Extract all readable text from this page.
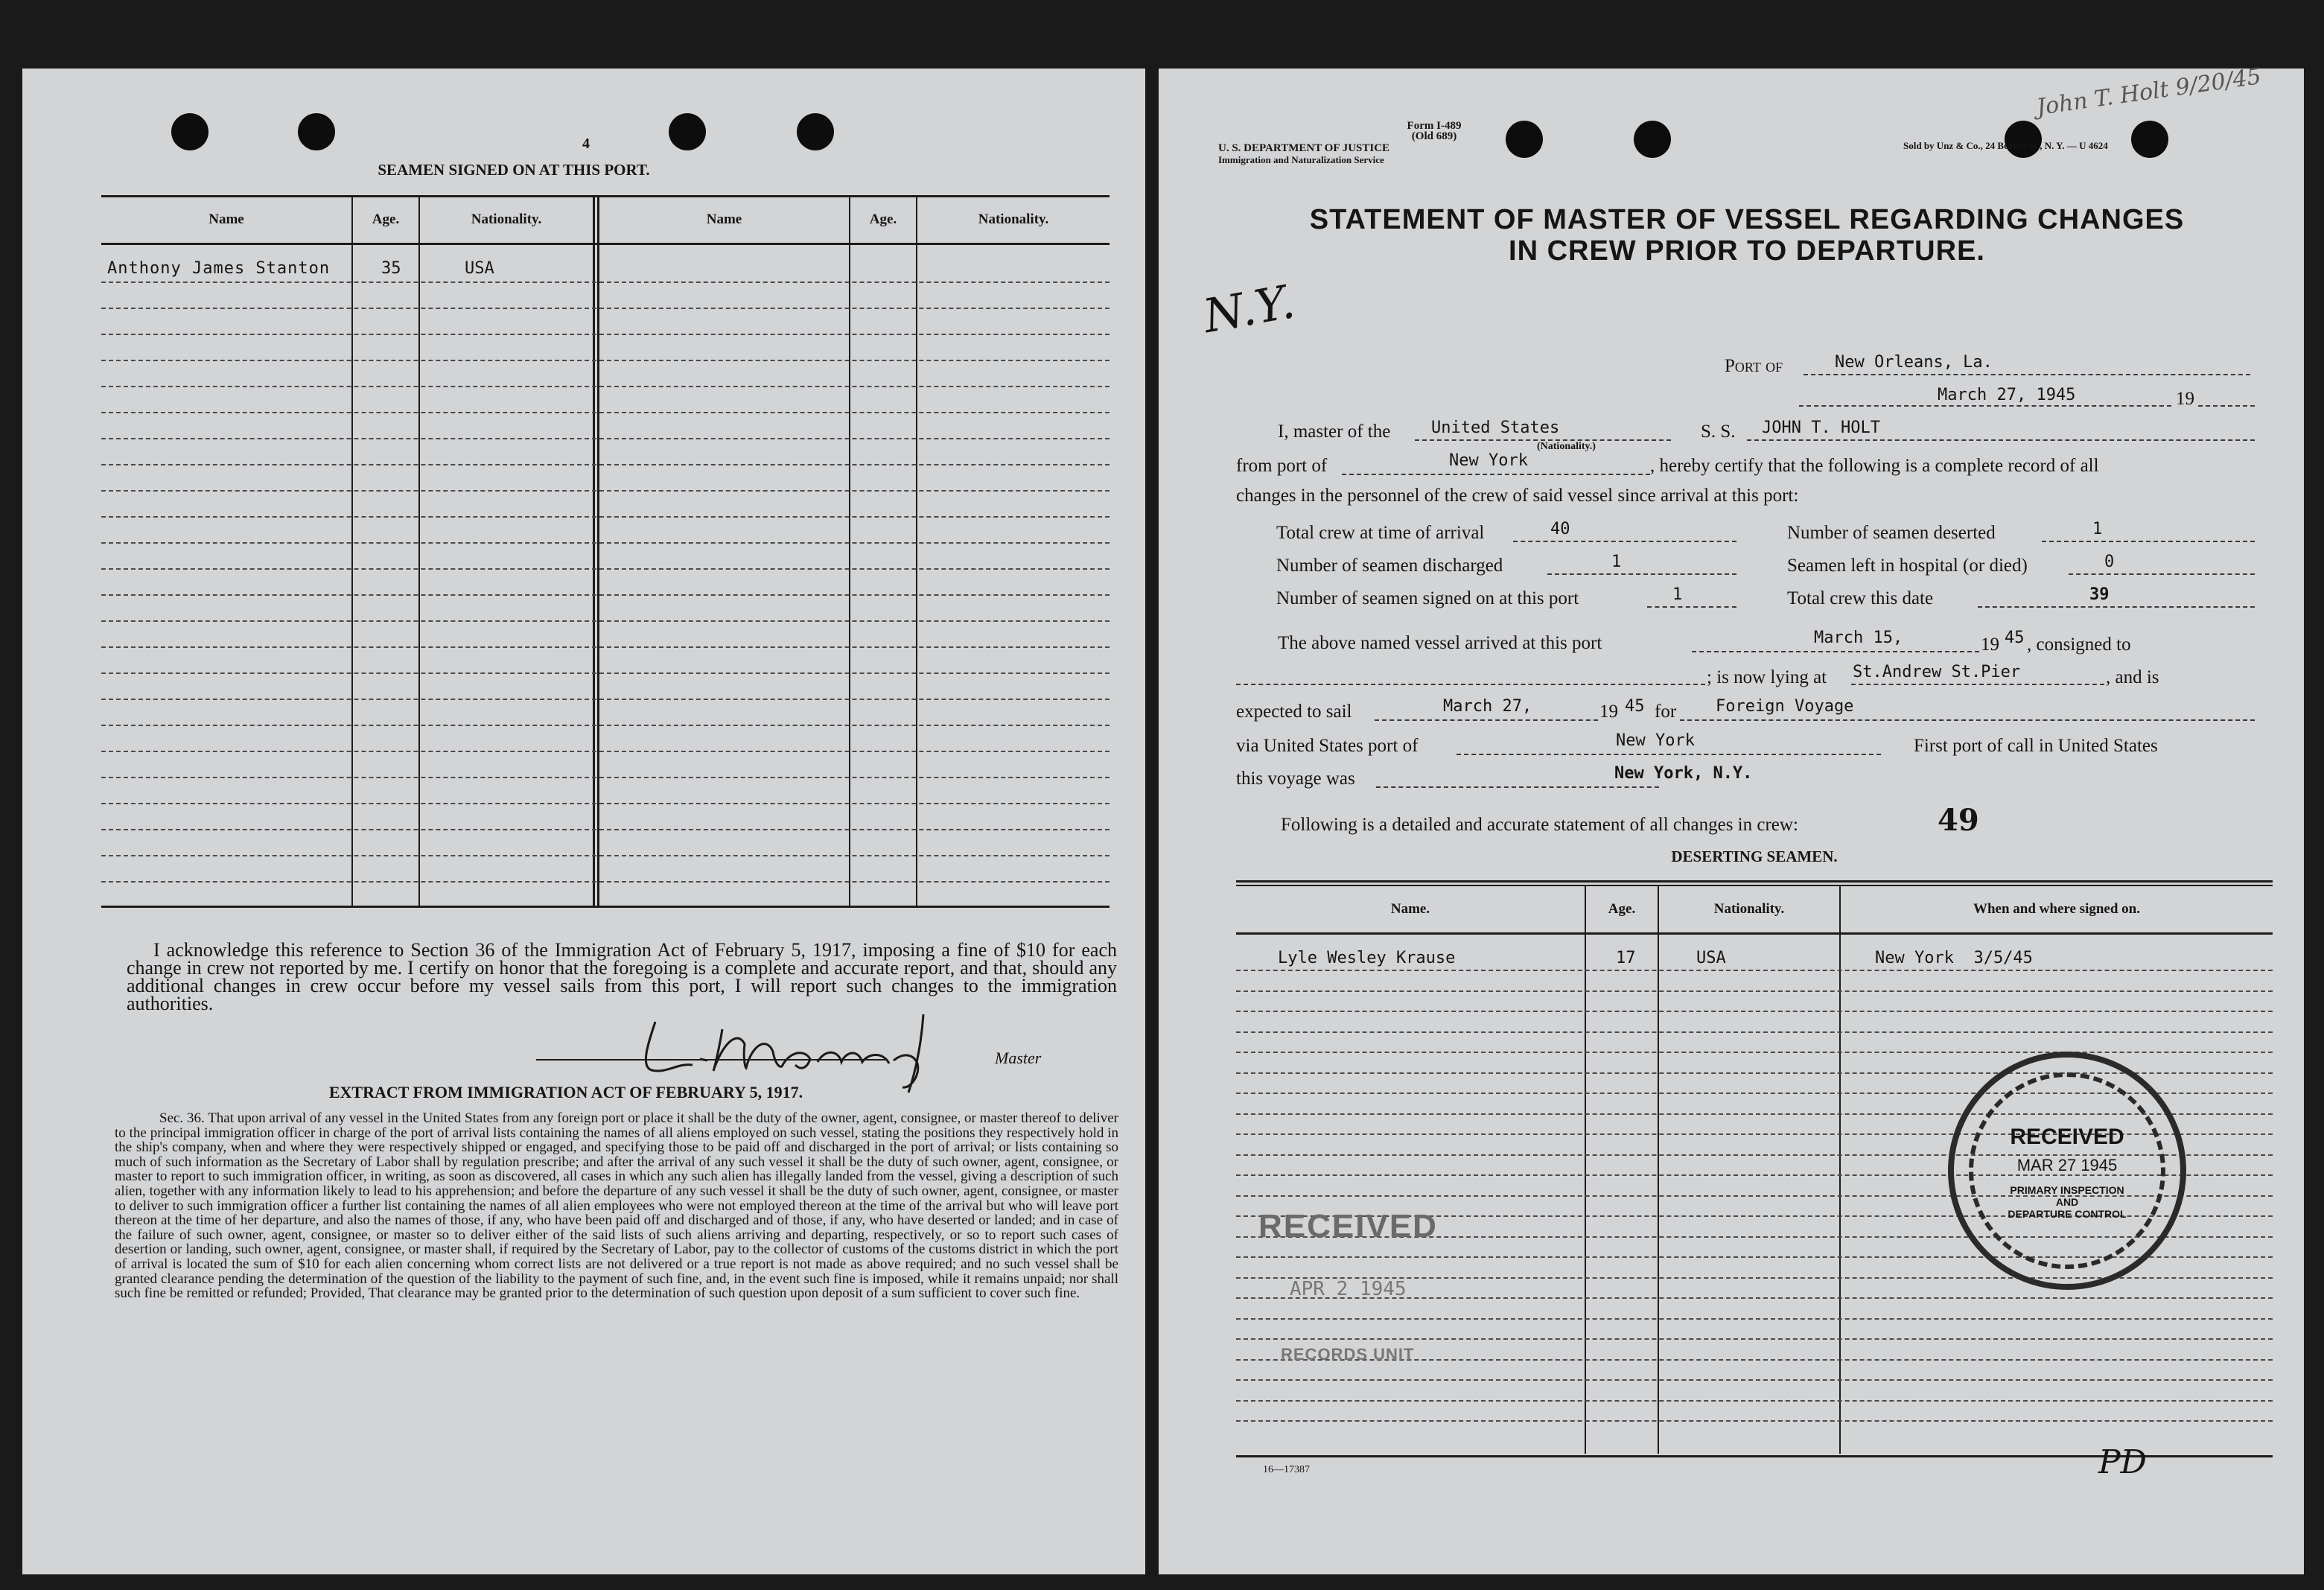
4
SEAMEN SIGNED ON AT THIS PORT.
Name	Age.	Nationality.	Name	Age.	Nationality.
Anthony James Stanton	35	USA
I acknowledge this reference to Section 36 of the Immigration Act of February 5, 1917, imposing a fine of $10 for each change in crew not reported by me. I certify on honor that the foregoing is a complete and accurate report, and that, should any additional changes in crew occur before my vessel sails from this port, I will report such changes to the immigration authorities.
Master
EXTRACT FROM IMMIGRATION ACT OF FEBRUARY 5, 1917.
Sec. 36. That upon arrival of any vessel in the United States from any foreign port or place it shall be the duty of the owner, agent, consignee, or master thereof to deliver to the principal immigration officer in charge of the port of arrival lists containing the names of all aliens employed on such vessel, stating the positions they respectively hold in the ship's company, when and where they were respectively shipped or engaged, and specifying those to be paid off and discharged in the port of arrival; or lists containing so much of such information as the Secretary of Labor shall by regulation prescribe; and after the arrival of any such vessel it shall be the duty of such owner, agent, consignee, or master to report to such immigration officer, in writing, as soon as discovered, all cases in which any such alien has illegally landed from the vessel, giving a description of such alien, together with any information likely to lead to his apprehension; and before the departure of any such vessel it shall be the duty of such owner, agent, consignee, or master to deliver to such immigration officer a further list containing the names of all alien employees who were not employed thereon at the time of the arrival but who will leave port thereon at the time of her departure, and also the names of those, if any, who have been paid off and discharged and of those, if any, who have deserted or landed; and in case of the failure of such owner, agent, consignee, or master so to deliver either of the said lists of such aliens arriving and departing, respectively, or so to report such cases of desertion or landing, such owner, agent, consignee, or master shall, if required by the Secretary of Labor, pay to the collector of customs of the customs district in which the port of arrival is located the sum of $10 for each alien concerning whom correct lists are not delivered or a true report is not made as above required; and no such vessel shall be granted clearance pending the determination of the question of the liability to the payment of such fine, and, in the event such fine is imposed, while it remains unpaid; nor shall such fine be remitted or refunded; Provided, That clearance may be granted prior to the determination of such question upon deposit of a sum sufficient to cover such fine.
Form I-489
(Old 689)
U. S. DEPARTMENT OF JUSTICE
Immigration and Naturalization Service
Sold by Unz & Co., 24 Beaver St., N. Y. — U 4624
John T. Holt 9/20/45
STATEMENT OF MASTER OF VESSEL REGARDING CHANGES
IN CREW PRIOR TO DEPARTURE.
N.Y.
Port of	New Orleans, La.
March 27, 1945	19
I, master of the United States
(Nationality.)
S. S. JOHN T. HOLT
from port of	New York	, hereby certify that the following is a complete record of all
changes in the personnel of the crew of said vessel since arrival at this port:
Total crew at time of arrival	40	Number of seamen deserted	1
Number of seamen discharged	1	Seamen left in hospital (or died)	0
Number of seamen signed on at this port	1	Total crew this date	39
The above named vessel arrived at this port	March 15,	19 45 , consigned to
; is now lying at St.Andrew St.Pier	, and is
expected to sail	March 27,	19 45 for Foreign Voyage
via United States port of	New York	First port of call in United States
this voyage was	New York, N.Y.
Following is a detailed and accurate statement of all changes in crew:	49
DESERTING SEAMEN.
Name.	Age.	Nationality.	When and where signed on.
Lyle Wesley Krause	17	USA	New York  3/5/45
RECEIVED
APR 2 1945
RECORDS UNIT
RECEIVED
MAR 27 1945
PRIMARY INSPECTION
AND
DEPARTURE CONTROL
16—17387	PD
